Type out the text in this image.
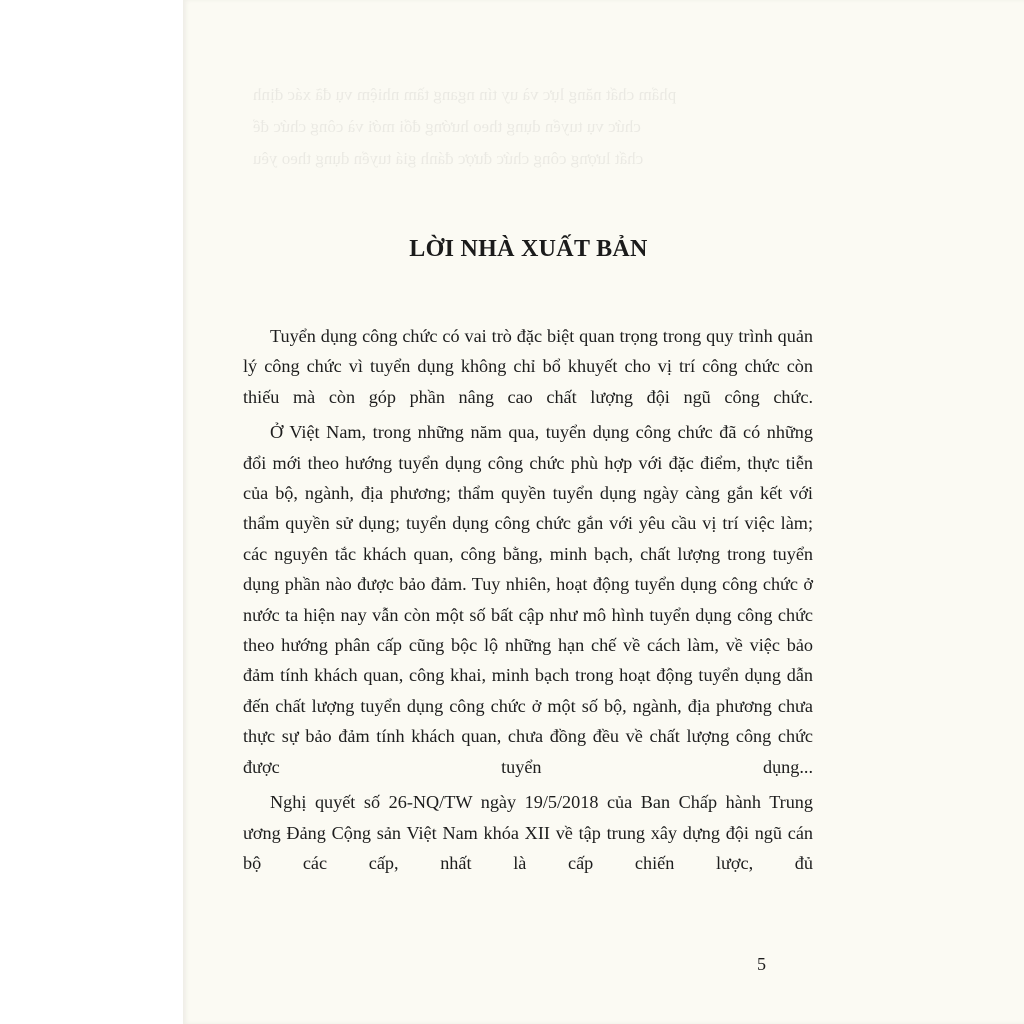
phẩm chất năng lực và uy tín ngang tầm nhiệm vụ đã xác định
chức vụ tuyển dụng theo hướng đổi mới và công chức để
chất lượng công chức được đánh giá tuyển dụng theo yêu
LỜI NHÀ XUẤT BẢN

Tuyển dụng công chức có vai trò đặc biệt quan trọng trong quy trình quản lý công chức vì tuyển dụng không chỉ bổ khuyết cho vị trí công chức còn thiếu mà còn góp phần nâng cao chất lượng đội ngũ công chức.

Ở Việt Nam, trong những năm qua, tuyển dụng công chức đã có những đổi mới theo hướng tuyển dụng công chức phù hợp với đặc điểm, thực tiễn của bộ, ngành, địa phương; thẩm quyền tuyển dụng ngày càng gắn kết với thẩm quyền sử dụng; tuyển dụng công chức gắn với yêu cầu vị trí việc làm; các nguyên tắc khách quan, công bằng, minh bạch, chất lượng trong tuyển dụng phần nào được bảo đảm. Tuy nhiên, hoạt động tuyển dụng công chức ở nước ta hiện nay vẫn còn một số bất cập như mô hình tuyển dụng công chức theo hướng phân cấp cũng bộc lộ những hạn chế về cách làm, về việc bảo đảm tính khách quan, công khai, minh bạch trong hoạt động tuyển dụng dẫn đến chất lượng tuyển dụng công chức ở một số bộ, ngành, địa phương chưa thực sự bảo đảm tính khách quan, chưa đồng đều về chất lượng công chức được tuyển dụng...

Nghị quyết số 26-NQ/TW ngày 19/5/2018 của Ban Chấp hành Trung ương Đảng Cộng sản Việt Nam khóa XII về tập trung xây dựng đội ngũ cán bộ các cấp, nhất là cấp chiến lược, đủ

5
